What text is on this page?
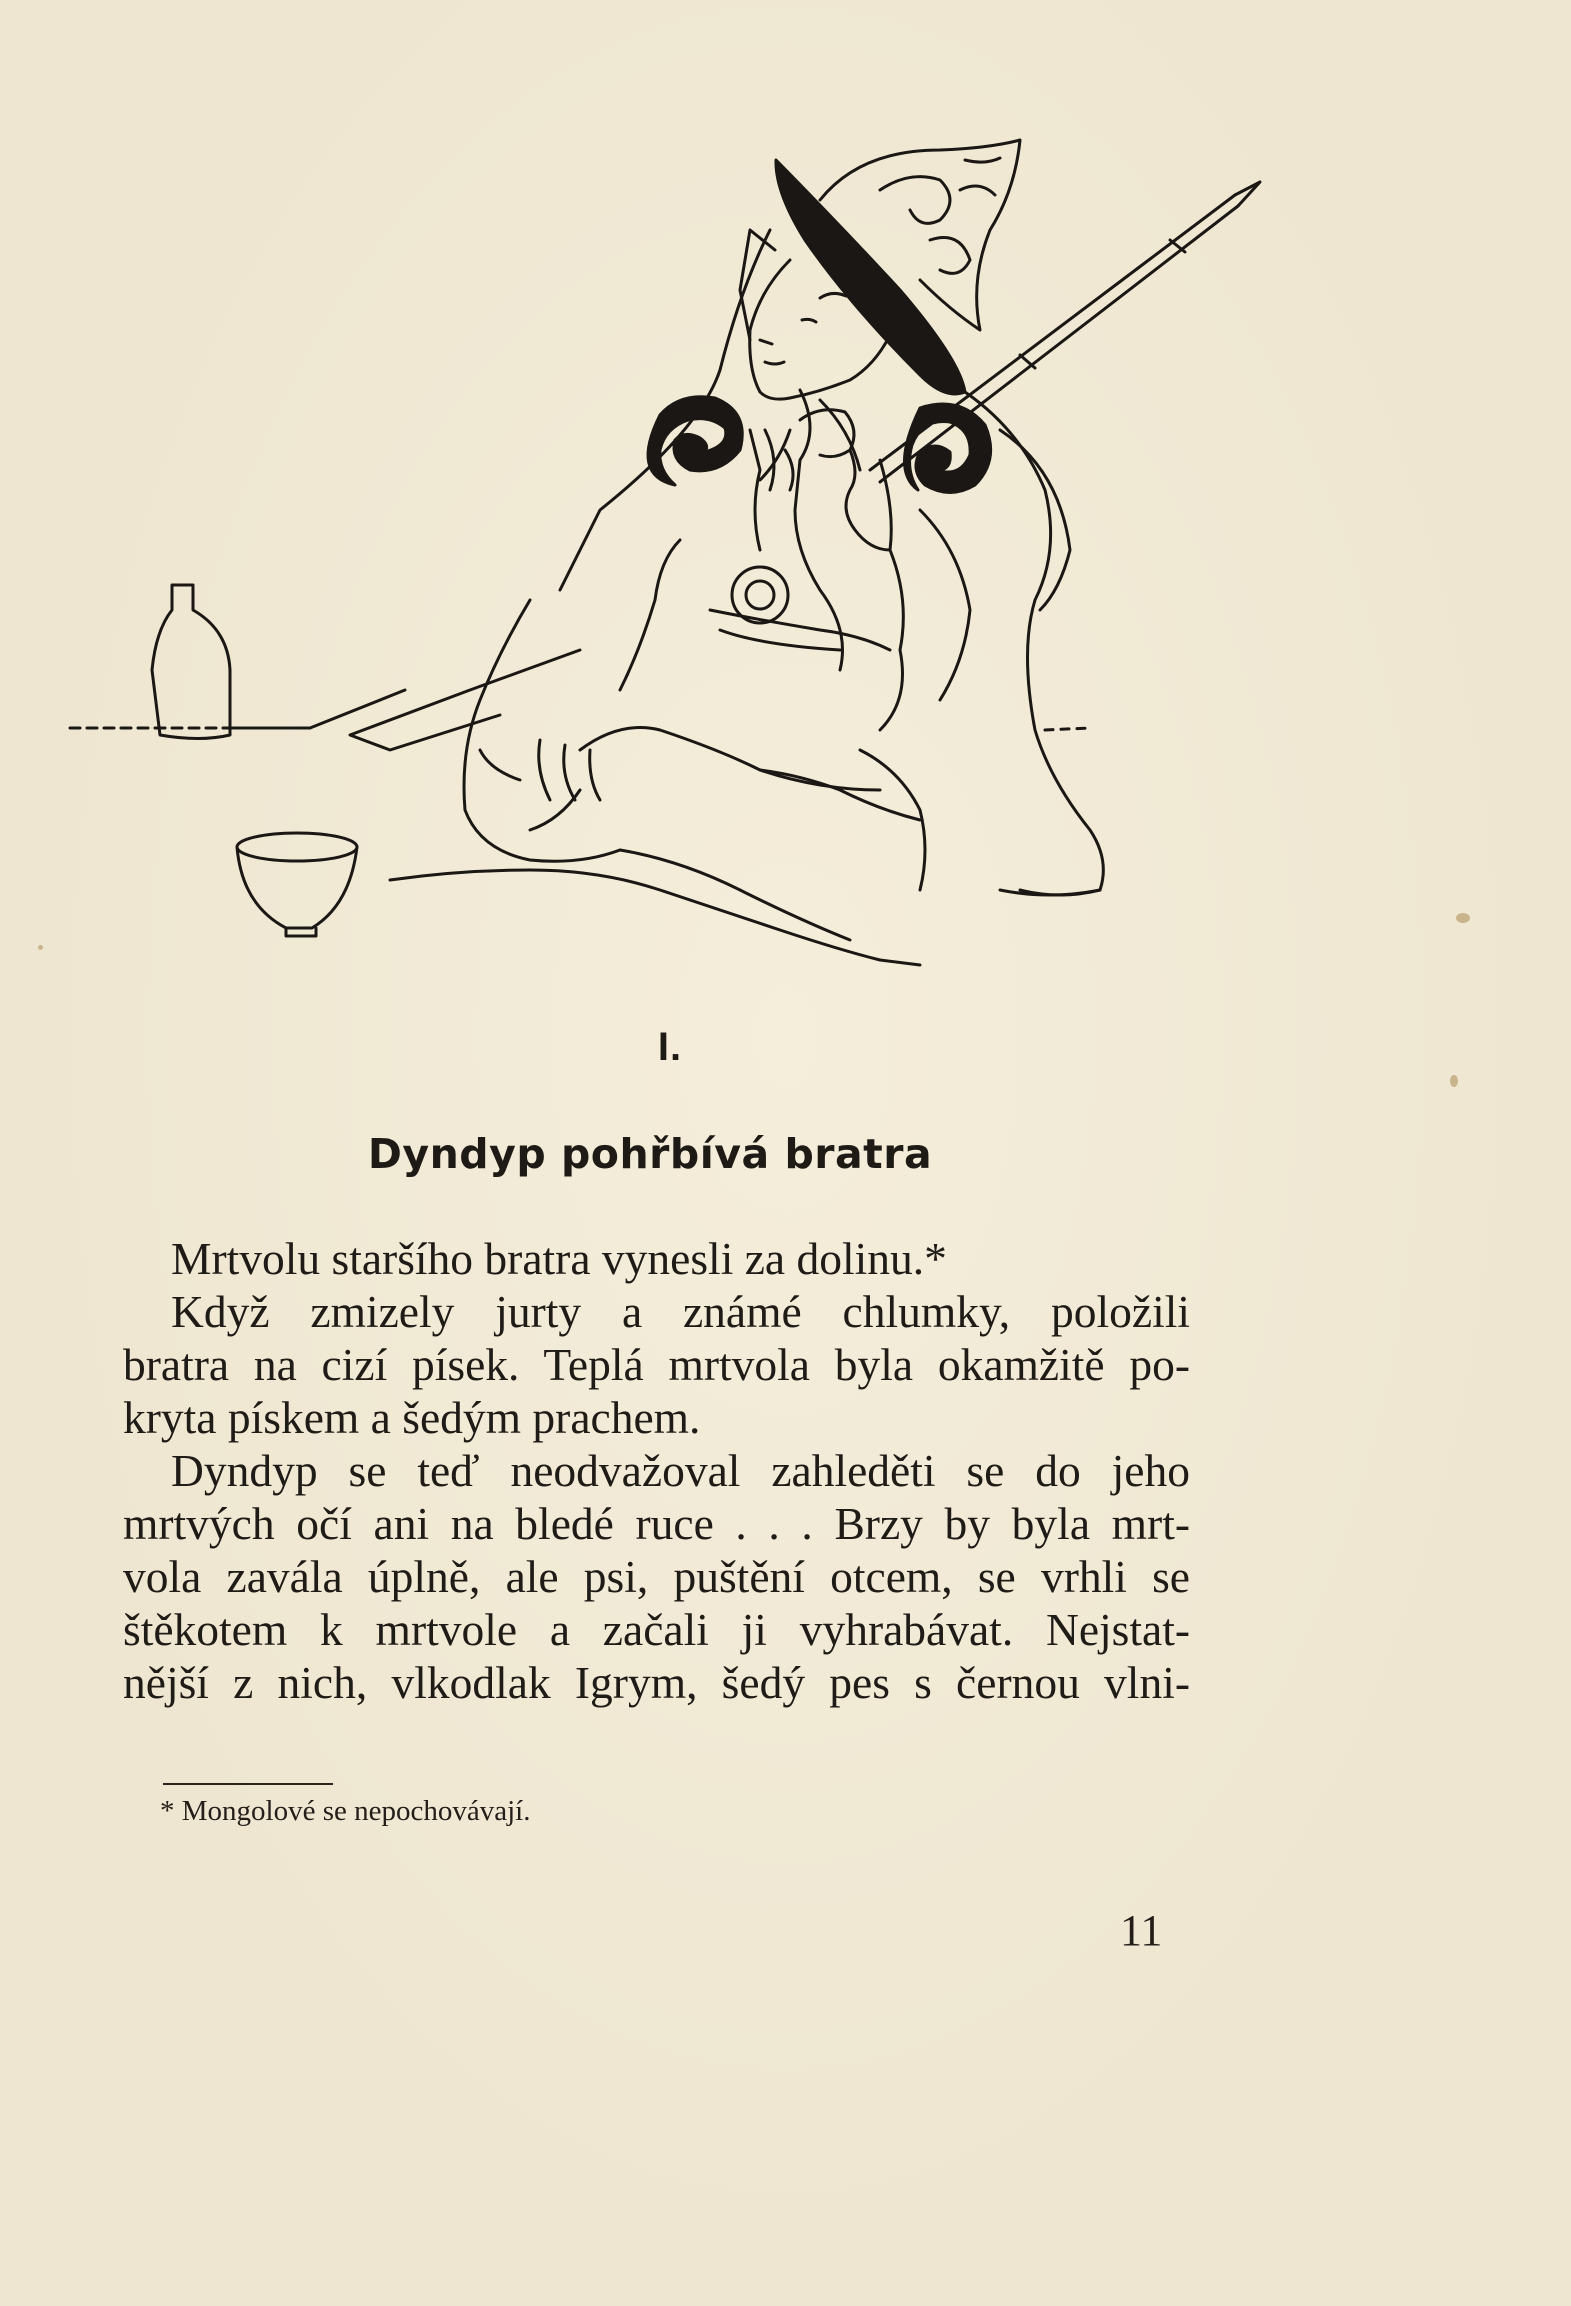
I.
Dyndyp pohřbívá bratra
Mrtvolu staršího bratra vynesli za dolinu.*
Když zmizely jurty a známé chlumky, položili
bratra na cizí písek. Teplá mrtvola byla okamžitě po-
kryta pískem a šedým prachem.
Dyndyp se teď neodvažoval zahleděti se do jeho
mrtvých očí ani na bledé ruce . . . Brzy by byla mrt-
vola zavála úplně, ale psi, puštění otcem, se vrhli se
štěkotem k mrtvole a začali ji vyhrabávat. Nejstat-
nější z nich, vlkodlak Igrym, šedý pes s černou vlni-
* Mongolové se nepochovávají.
11
